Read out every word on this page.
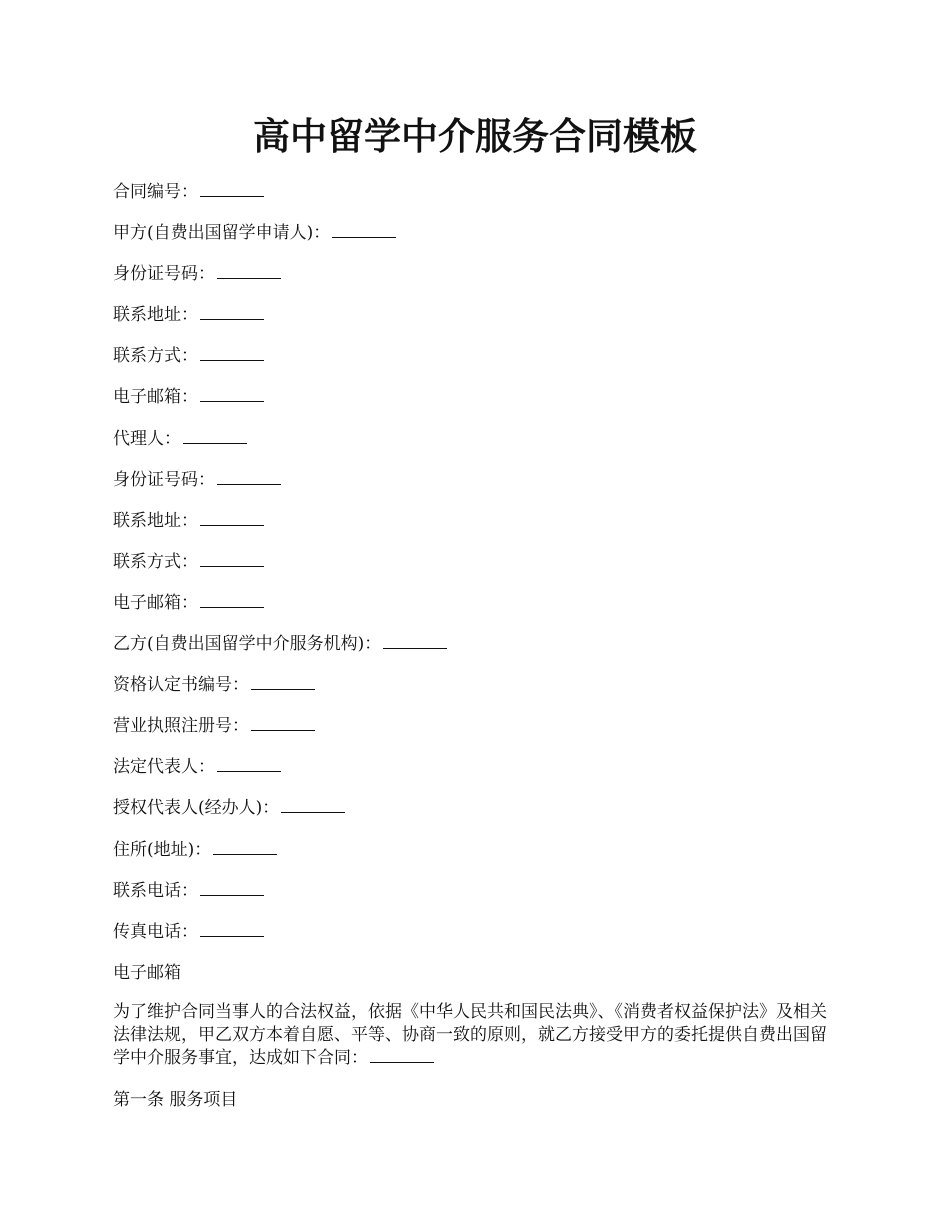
高中留学中介服务合同模板
合同编号：
甲方(自费出国留学申请人)：
身份证号码：
联系地址：
联系方式：
电子邮箱：
代理人：
身份证号码：
联系地址：
联系方式：
电子邮箱：
乙方(自费出国留学中介服务机构)：
资格认定书编号：
营业执照注册号：
法定代表人：
授权代表人(经办人)：
住所(地址)：
联系电话：
传真电话：
电子邮箱
为了维护合同当事人的合法权益，依据《中华人民共和国民法典》、《消费者权益保护法》及相关法律法规，甲乙双方本着自愿、平等、协商一致的原则，就乙方接受甲方的委托提供自费出国留学中介服务事宜，达成如下合同：
第一条 服务项目
